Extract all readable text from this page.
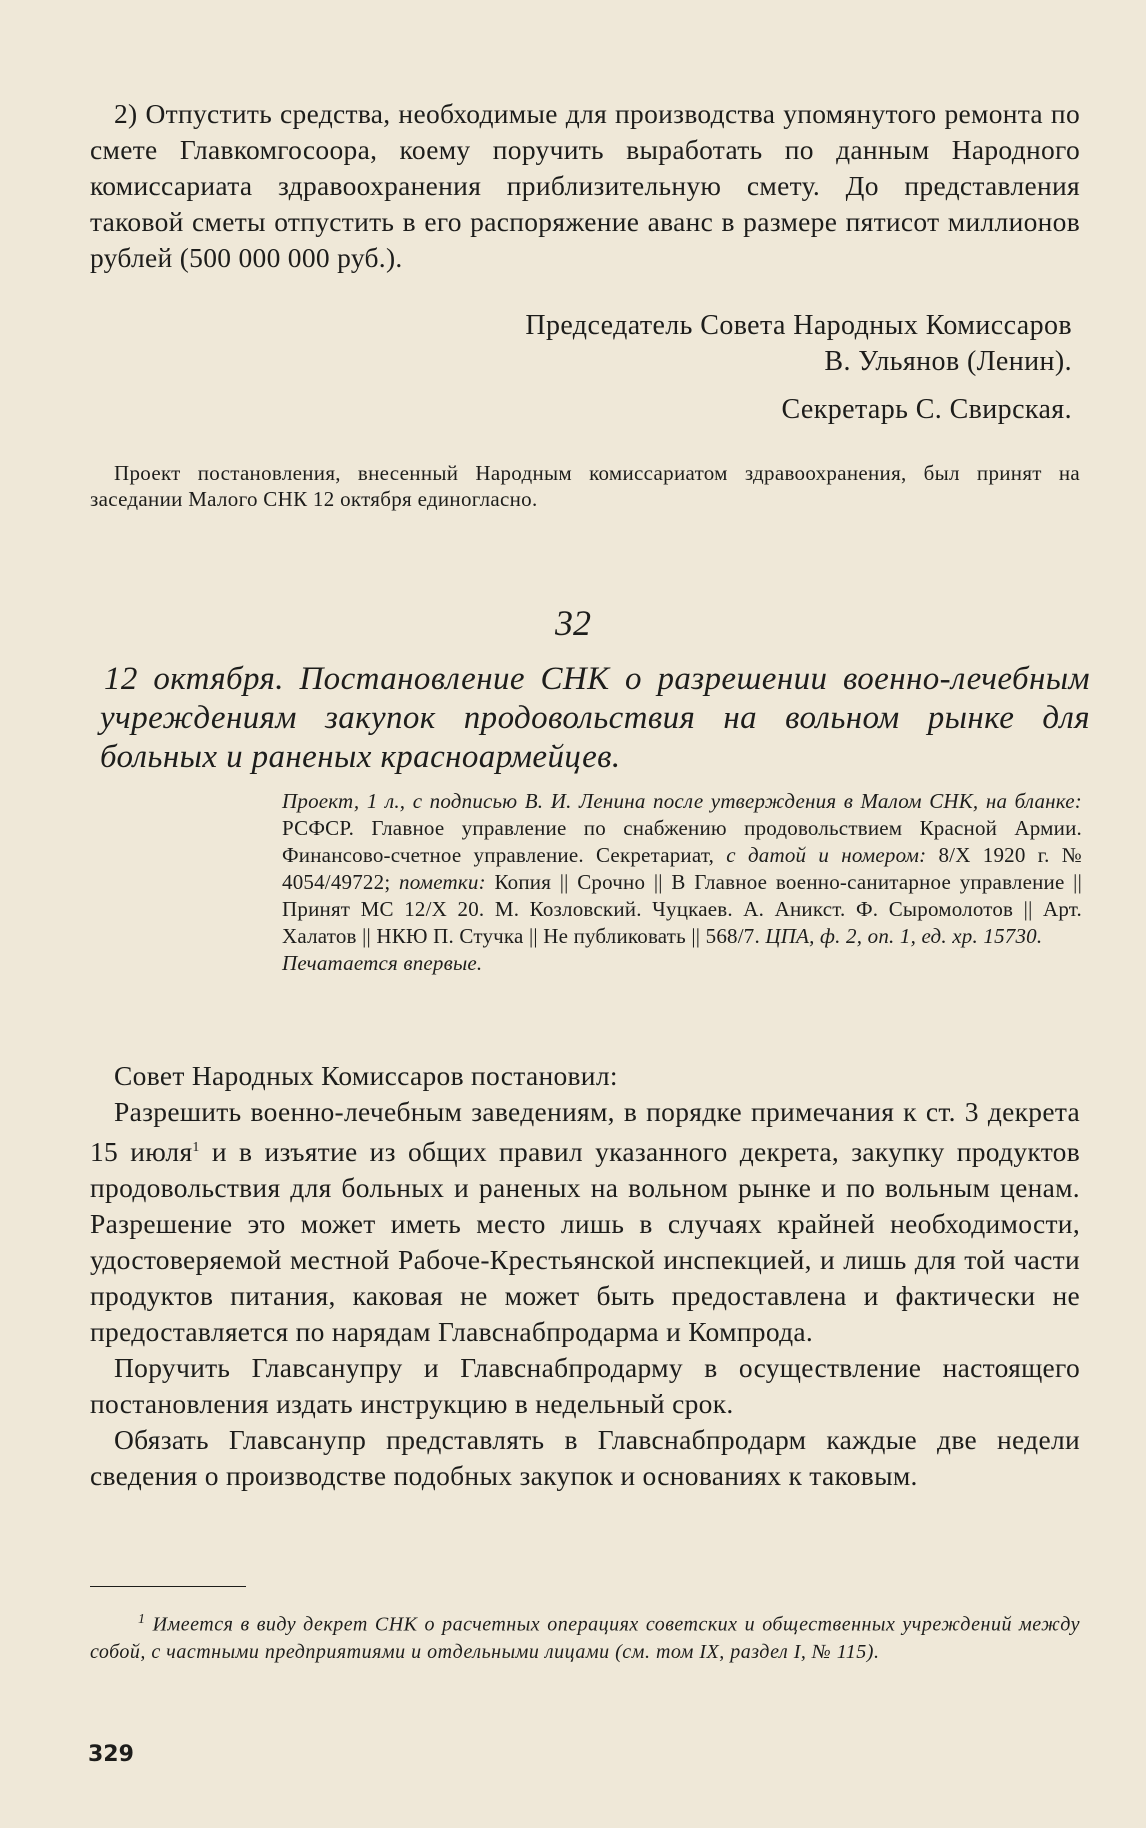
2) Отпустить средства, необходимые для производства упомянутого ремонта по смете Главкомгосоора, коему поручить выработать по данным Народного комиссариата здравоохранения приблизительную смету. До представления таковой сметы отпустить в его распоряжение аванс в размере пятисот миллионов рублей (500 000 000 руб.).

Председатель Совета Народных Комиссаров
В. Ульянов (Ленин).
Секретарь С. Свирская.

Проект постановления, внесенный Народным комиссариатом здравоохранения, был принят на заседании Малого СНК 12 октября единогласно.

32
12 октября. Постановление СНК о разрешении военно-лечебным учреждениям закупок продовольствия на вольном рынке для больных и раненых красноармейцев.
Проект, 1 л., с подписью В. И. Ленина после утверждения в Малом СНК, на бланке: РСФСР. Главное управление по снабжению продовольствием Красной Армии. Финансово-счетное управление. Секретариат, с датой и номером: 8/X 1920 г. № 4054/49722; пометки: Копия || Срочно || В Главное военно-санитарное управление || Принят МС 12/X 20. М. Козловский. Чуцкаев. А. Аникст. Ф. Сыромолотов || Арт. Халатов || НКЮ П. Стучка || Не публиковать || 568/7. ЦПА, ф. 2, оп. 1, ед. хр. 15730.
Печатается впервые.

Совет Народных Комиссаров постановил:

Разрешить военно-лечебным заведениям, в порядке примечания к ст. 3 декрета 15 июля$^1$ и в изъятие из общих правил указанного декрета, закупку продуктов продовольствия для больных и раненых на вольном рынке и по вольным ценам. Разрешение это может иметь место лишь в случаях крайней необходимости, удостоверяемой местной Рабоче-Крестьянской инспекцией, и лишь для той части продуктов питания, каковая не может быть предоставлена и фактически не предоставляется по нарядам Главснабпродарма и Компрода.

Поручить Главсанупру и Главснабпродарму в осуществление настоящего постановления издать инструкцию в недельный срок.

Обязать Главсанупр представлять в Главснабпродарм каждые две недели сведения о производстве подобных закупок и основаниях к таковым.

$^1$ Имеется в виду декрет СНК о расчетных операциях советских и общественных учреждений между собой, с частными предприятиями и отдельными лицами (см. том IX, раздел I, № 115).
329
